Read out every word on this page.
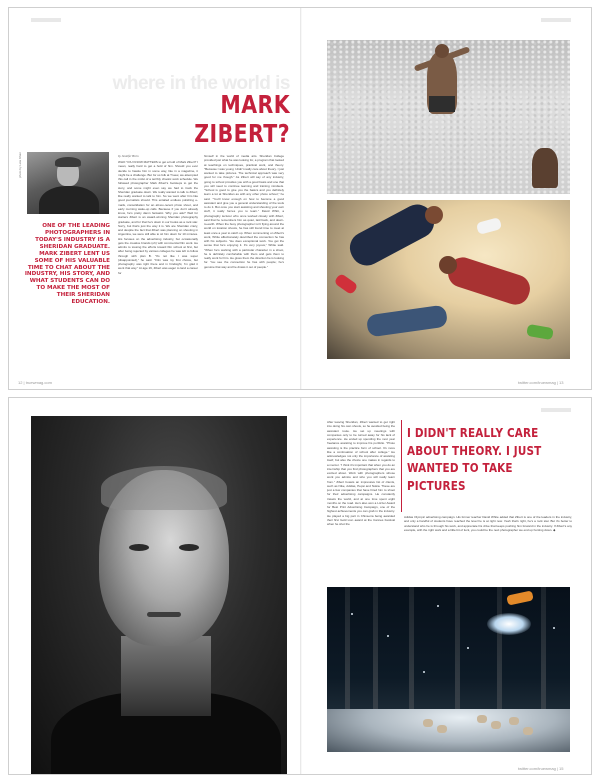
where in the world is
MARK ZIBERT?
photo by Leta Khan
ONE OF THE LEADING PHOTOGRAPHERS IN TODAY'S INDUSTRY IS A SHERIDAN GRADUATE. MARK ZIBERT LENT US SOME OF HIS VALUABLE TIME TO CHAT ABOUT THE INDUSTRY, HIS STORY, AND WHAT STUDENTS CAN DO TO MAKE THE MOST OF THEIR SHERIDAN EDUCATION.
by Jennifer Horn
WHO YOU KNOW MATTERS to get a hold of Mark Zibert? I mean, really hard to get a hold of him. Should you ever decide to hassle him in some way, like in a magazine, it might be a challenge. But for us folk at Truew, we attempted this call in the midst of a terribly chaotic work schedule. We followed photographer Mark Zibert's footsteps to get the story, and some might even say we had to track the Sheridan graduate down. We really wanted to talk to Zibert; like really wanted to talk to him. So we went after him like good journalists should. This entailed endless polishing e-mails, consolidation for an all-too-recent photo shoot, and early morning wake-up calls. Because if you don't already know, he's pretty damn fantastic. Why you ask? Well for starters Zibert is an award-winning Sheridan photography graduate, and for that he's down in our books as a rock star. Sorry, but that's just the way it is. We are Sheridan crazy, and despite the fact that Zibert was planning on shooting in Argentina, we were still able to sit him down for 10 minutes. His focuses on the advertising industry, but occasionally gets the creative brands (oh) with commercial film work. He admits to tossing the efforts toward film school at first, but after being rejected by various colleges he was left to follow through with plan B. "It's not like I was super (disappointed)," he said. "Film was my first choice, but photography was right there and in hindsight, I'm glad it went that way." At age 19, Zibert was eager to land a career for
himself in the world of media arts. Sheridan College provided just what he was looking for, a program that looked at teachings on techniques, practical work, and theory. "Because I was young I didn't really care about theory. I just wanted to take pictures. The technical approach was very good for me though." As Zibert will say of any industry, going to school provides you with a good basis and one that you will need to continue learning and training mindsets. "School is good to give you the basics and you definitely learn a lot at Sheridan as with any other photo school," he said. "You'll know enough on how to become a good assistant and give you a general understanding of the tools to do it. But once you start assisting and shooting your own stuff, it really forces you to learn." David Whitt, a photography lecturer who once worked closely with Zibert, said that he remembers him as quiet, laid back, and down-to-earth. When the busy photographer isn't flying around the world on location shoots, he has still found time to meet at least once a year to catch up. When commenting on Zibert's work, White affectionately described the connection he has with his subjects. "He does exceptional work. You get the sense that he's enjoying it. It's very joyous," White said. "When he's working with a particular character in a shoot, he is definitely comfortable with them and gets them to really work for him. He gives them the direction he is looking for. You see the connection he has with people; he's genuine that way and he draws it out of people."
12 | truewmag.com	twitter.com/truewmag | 13
After leaving Sheridan, Zibert wanted to get right into doing his own shoots, so he avoided being the assistant route. He set up meetings with companies only to be turned away for his lack of experience. He ended up spending the next year freelance assisting to improve his portfolio. "Photo assisting is the practice form of school. It's more like a continuation of school after college." He acknowledges not only the importance of assisting itself, but also the choice one makes in regards to a mentor. "I think it's important that when you do an internship that you find photographers that you are excited about. Work with photographers whose work you admire and who you will really learn from." Zibert boasts an impressive list of clients, such as Nike, Adidas, Pepsi and Nokia. These are just a few companies that have hired him to shoot for their advertising campaigns. He constantly travels the world, and at one time spent eight months on the road. He's also won a Lürzer Award for Best Print Advertising Campaign, one of the highest achievements you can grab in the industry. He played a big part in China-nia being awarded their first Gold Lion award at the Cannes Festival when he shot the
I DIDN'T REALLY CARE ABOUT THEORY. I JUST WANTED TO TAKE PICTURES
Adidas Olympic advertising campaign. His former teacher David White added that Zibert is one of the leaders in the industry, and only a handful of students have reached the level he is at right now. Yeah that's right, he's a rock star. But it's better to understand who he is through his work, and appreciate his drive that keeps pushing him forward in the industry. If Zibert's any example, with the right work and a little bit of luck, you could be the next photographer we end up hunting down. ◆
twitter.com/truewmag | 15
